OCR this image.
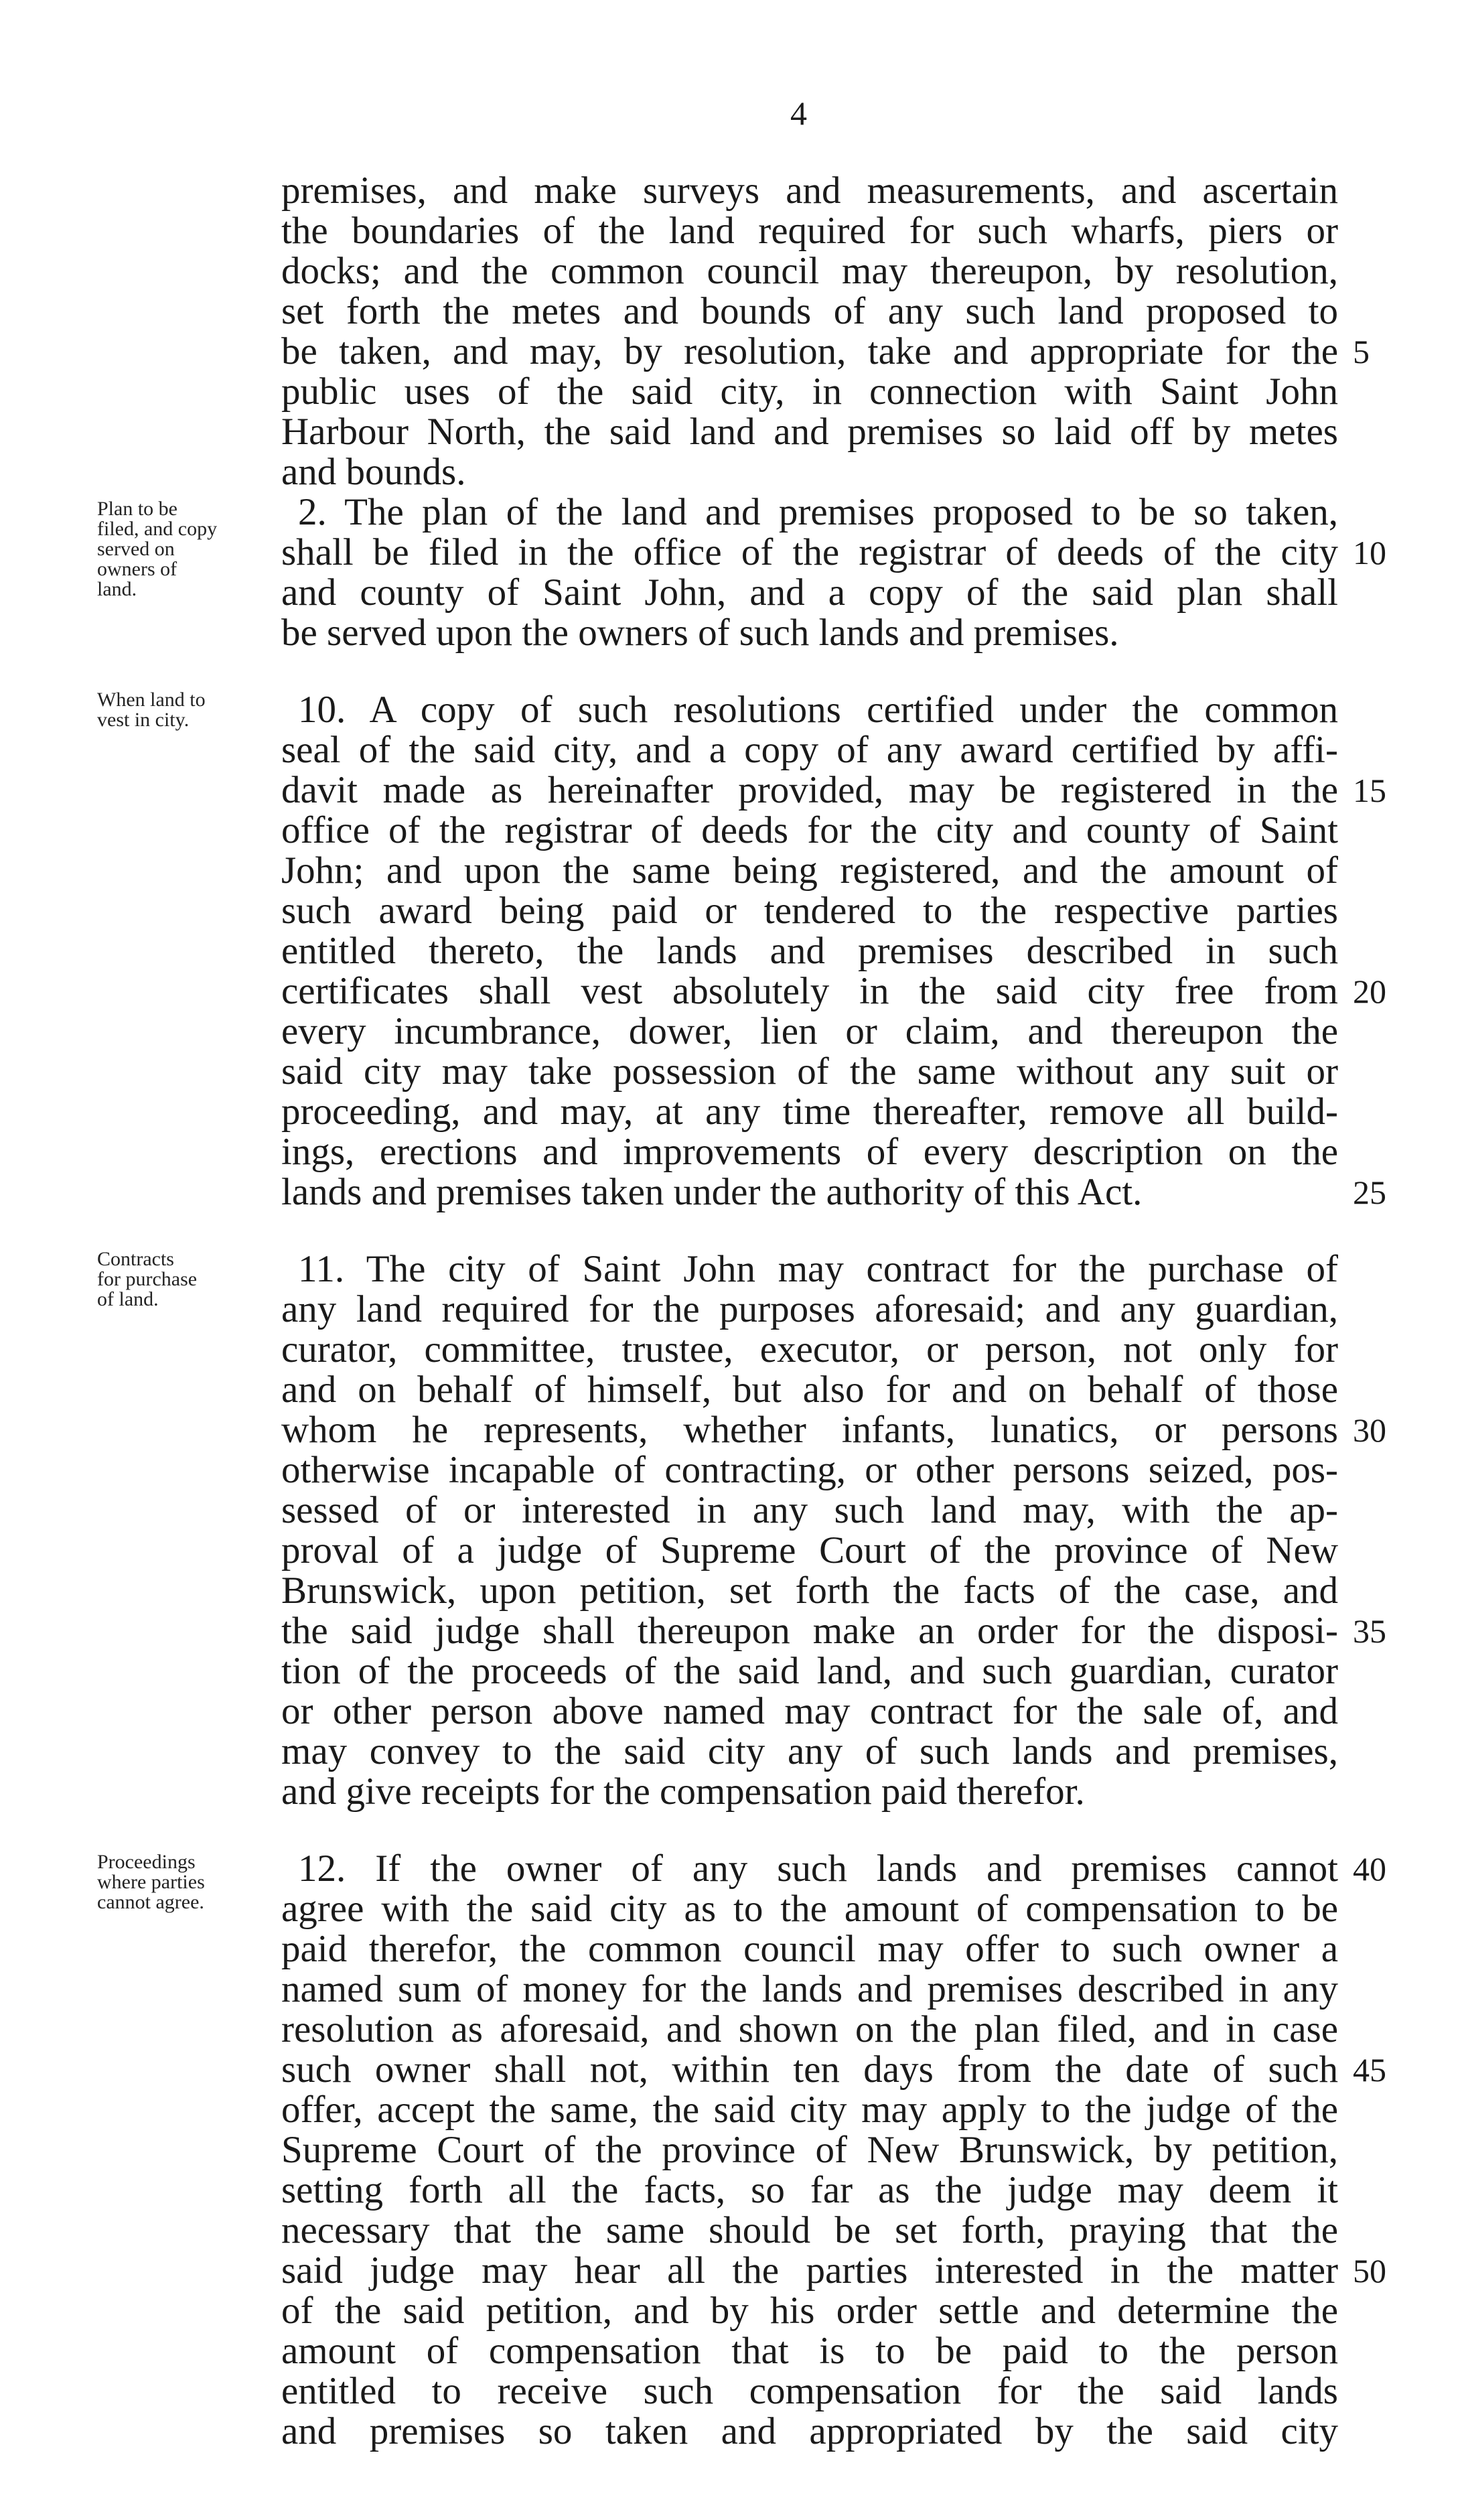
4
premises, and make surveys and measurements, and ascertain
the boundaries of the land required for such wharfs, piers or
docks; and the common council may thereupon, by resolution,
set forth the metes and bounds of any such land proposed to
be taken, and may, by resolution, take and appropriate for the
public uses of the said city, in connection with Saint John
Harbour North, the said land and premises so laid off by metes
and bounds.
2. The plan of the land and premises proposed to be so taken,
shall be filed in the office of the registrar of deeds of the city
and county of Saint John, and a copy of the said plan shall
be served upon the owners of such lands and premises.
10. A copy of such resolutions certified under the common
seal of the said city, and a copy of any award certified by affi-
davit made as hereinafter provided, may be registered in the
office of the registrar of deeds for the city and county of Saint
John; and upon the same being registered, and the amount of
such award being paid or tendered to the respective parties
entitled thereto, the lands and premises described in such
certificates shall vest absolutely in the said city free from
every incumbrance, dower, lien or claim, and thereupon the
said city may take possession of the same without any suit or
proceeding, and may, at any time thereafter, remove all build-
ings, erections and improvements of every description on the
lands and premises taken under the authority of this Act.
11. The city of Saint John may contract for the purchase of
any land required for the purposes aforesaid; and any guardian,
curator, committee, trustee, executor, or person, not only for
and on behalf of himself, but also for and on behalf of those
whom he represents, whether infants, lunatics, or persons
otherwise incapable of contracting, or other persons seized, pos-
sessed of or interested in any such land may, with the ap-
proval of a judge of Supreme Court of the province of New
Brunswick, upon petition, set forth the facts of the case, and
the said judge shall thereupon make an order for the disposi-
tion of the proceeds of the said land, and such guardian, curator
or other person above named may contract for the sale of, and
may convey to the said city any of such lands and premises,
and give receipts for the compensation paid therefor.
12. If the owner of any such lands and premises cannot
agree with the said city as to the amount of compensation to be
paid therefor, the common council may offer to such owner a
named sum of money for the lands and premises described in any
resolution as aforesaid, and shown on the plan filed, and in case
such owner shall not, within ten days from the date of such
offer, accept the same, the said city may apply to the judge of the
Supreme Court of the province of New Brunswick, by petition,
setting forth all the facts, so far as the judge may deem it
necessary that the same should be set forth, praying that the
said judge may hear all the parties interested in the matter
of the said petition, and by his order settle and determine the
amount of compensation that is to be paid to the person
entitled to receive such compensation for the said lands
and premises so taken and appropriated by the said city
5
10
15
20
25
30
35
40
45
50
Plan to be
filed, and copy
served on
owners of
land.
When land to
vest in city.
Contracts
for purchase
of land.
Proceedings
where parties
cannot agree.
